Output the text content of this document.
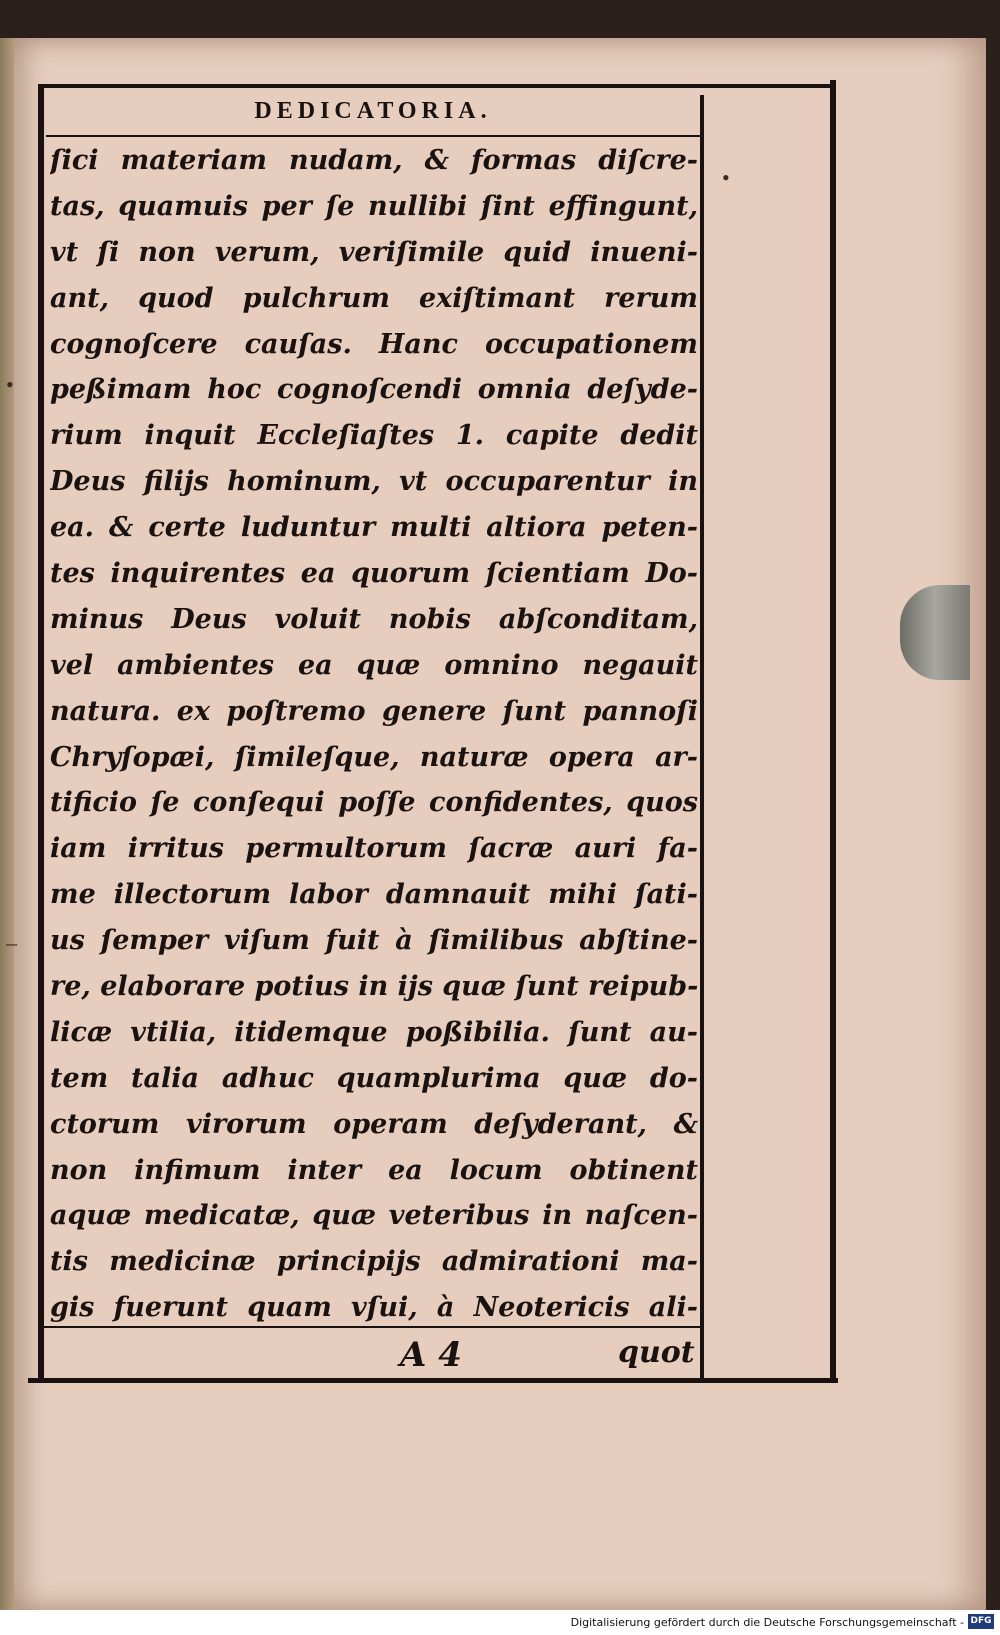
DEDICATORIA.
ſici materiam nudam, & formas diſcre-
tas, quamuis per ſe nullibi ſint effingunt,
vt ſi non verum, veriſimile quid inueni-
ant, quod pulchrum exiſtimant rerum
cognoſcere cauſas. Hanc occupationem
peßimam hoc cognoſcendi omnia deſyde-
rium inquit Eccleſiaſtes 1. capite dedit
Deus filijs hominum, vt occuparentur in
ea. & certe luduntur multi altiora peten-
tes inquirentes ea quorum ſcientiam Do-
minus Deus voluit nobis abſconditam,
vel ambientes ea quæ omnino negauit
natura. ex poſtremo genere ſunt pannoſi
Chryſopæi, ſimileſque, naturæ opera ar-
tificio ſe conſequi poſſe confidentes, quos
iam irritus permultorum ſacræ auri fa-
me illectorum labor damnauit mihi ſati-
us ſemper viſum fuit à ſimilibus abſtine-
re, elaborare potius in ijs quæ ſunt reipub-
licæ vtilia, itidemque poßibilia. ſunt au-
tem talia adhuc quamplurima quæ do-
ctorum virorum operam deſyderant, &
non infimum inter ea locum obtinent
aquæ medicatæ, quæ veteribus in naſcen-
tis medicinæ principijs admirationi ma-
gis fuerunt quam vſui, à Neotericis ali-
A 4	quot
•
•
–
Digitalisierung gefördert durch die Deutsche Forschungsgemeinschaft - DFG
